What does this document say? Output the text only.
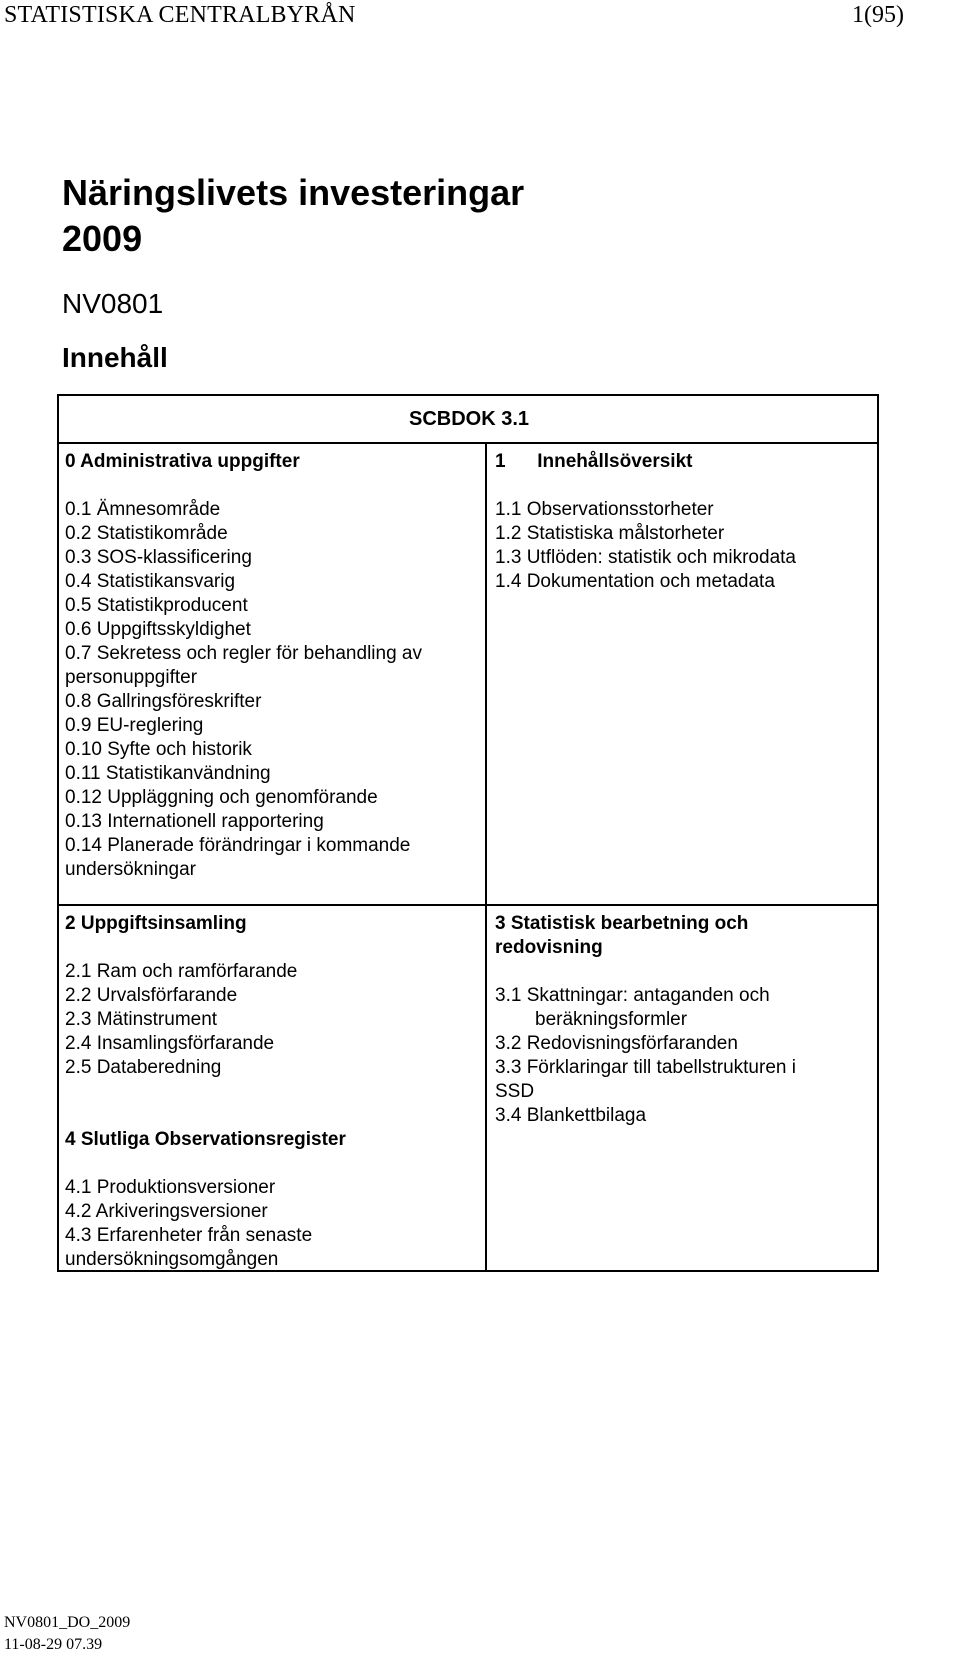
STATISTISKA CENTRALBYRÅN	1(95)
Näringslivets investeringar
2009
NV0801
Innehåll
SCBDOK 3.1
0 Administrativa uppgifter
0.1 Ämnesområde
0.2 Statistikområde
0.3 SOS-klassificering
0.4 Statistikansvarig
0.5 Statistikproducent
0.6 Uppgiftsskyldighet
0.7 Sekretess och regler för behandling av
personuppgifter
0.8 Gallringsföreskrifter
0.9 EU-reglering
0.10 Syfte och historik
0.11 Statistikanvändning
0.12 Uppläggning och genomförande
0.13 Internationell rapportering
0.14 Planerade förändringar i kommande
undersökningar
1      Innehållsöversikt
1.1 Observationsstorheter
1.2 Statistiska målstorheter
1.3 Utflöden: statistik och mikrodata
1.4 Dokumentation och metadata
2 Uppgiftsinsamling
2.1 Ram och ramförfarande
2.2 Urvalsförfarande
2.3 Mätinstrument
2.4 Insamlingsförfarande
2.5 Databeredning
4 Slutliga Observationsregister
4.1 Produktionsversioner
4.2 Arkiveringsversioner
4.3 Erfarenheter från senaste
undersökningsomgången
3 Statistisk bearbetning och
redovisning
3.1 Skattningar: antaganden och
beräkningsformler
3.2 Redovisningsförfaranden
3.3 Förklaringar till tabellstrukturen i
SSD
3.4 Blankettbilaga
NV0801_DO_2009
11-08-29 07.39
